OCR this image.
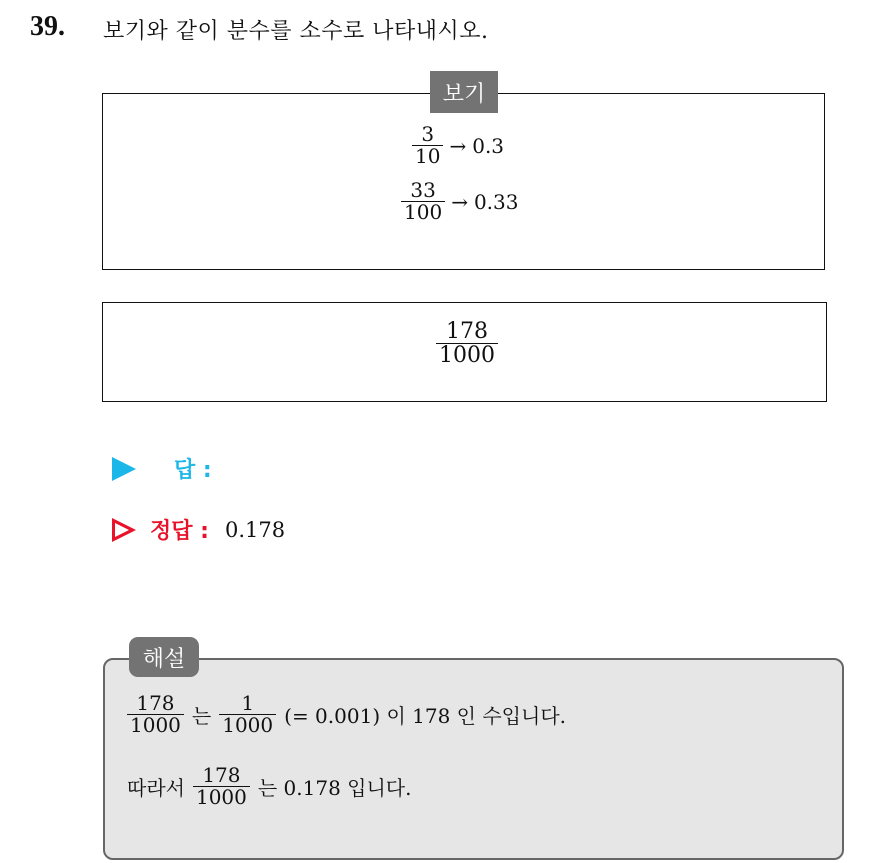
39. 보기와 같이 분수를 소수로 나타내시오.
보기
$\frac{3}{10} \to 0.3$
$\frac{33}{100} \to 0.33$
$\frac{178}{1000}$
답 :
정답 : 0.178
해설
$\frac{178}{1000}$ 는 $\frac{1}{1000}$ (= 0.001) 이 178 인 수입니다.
따라서 $\frac{178}{1000}$ 는 0.178 입니다.
